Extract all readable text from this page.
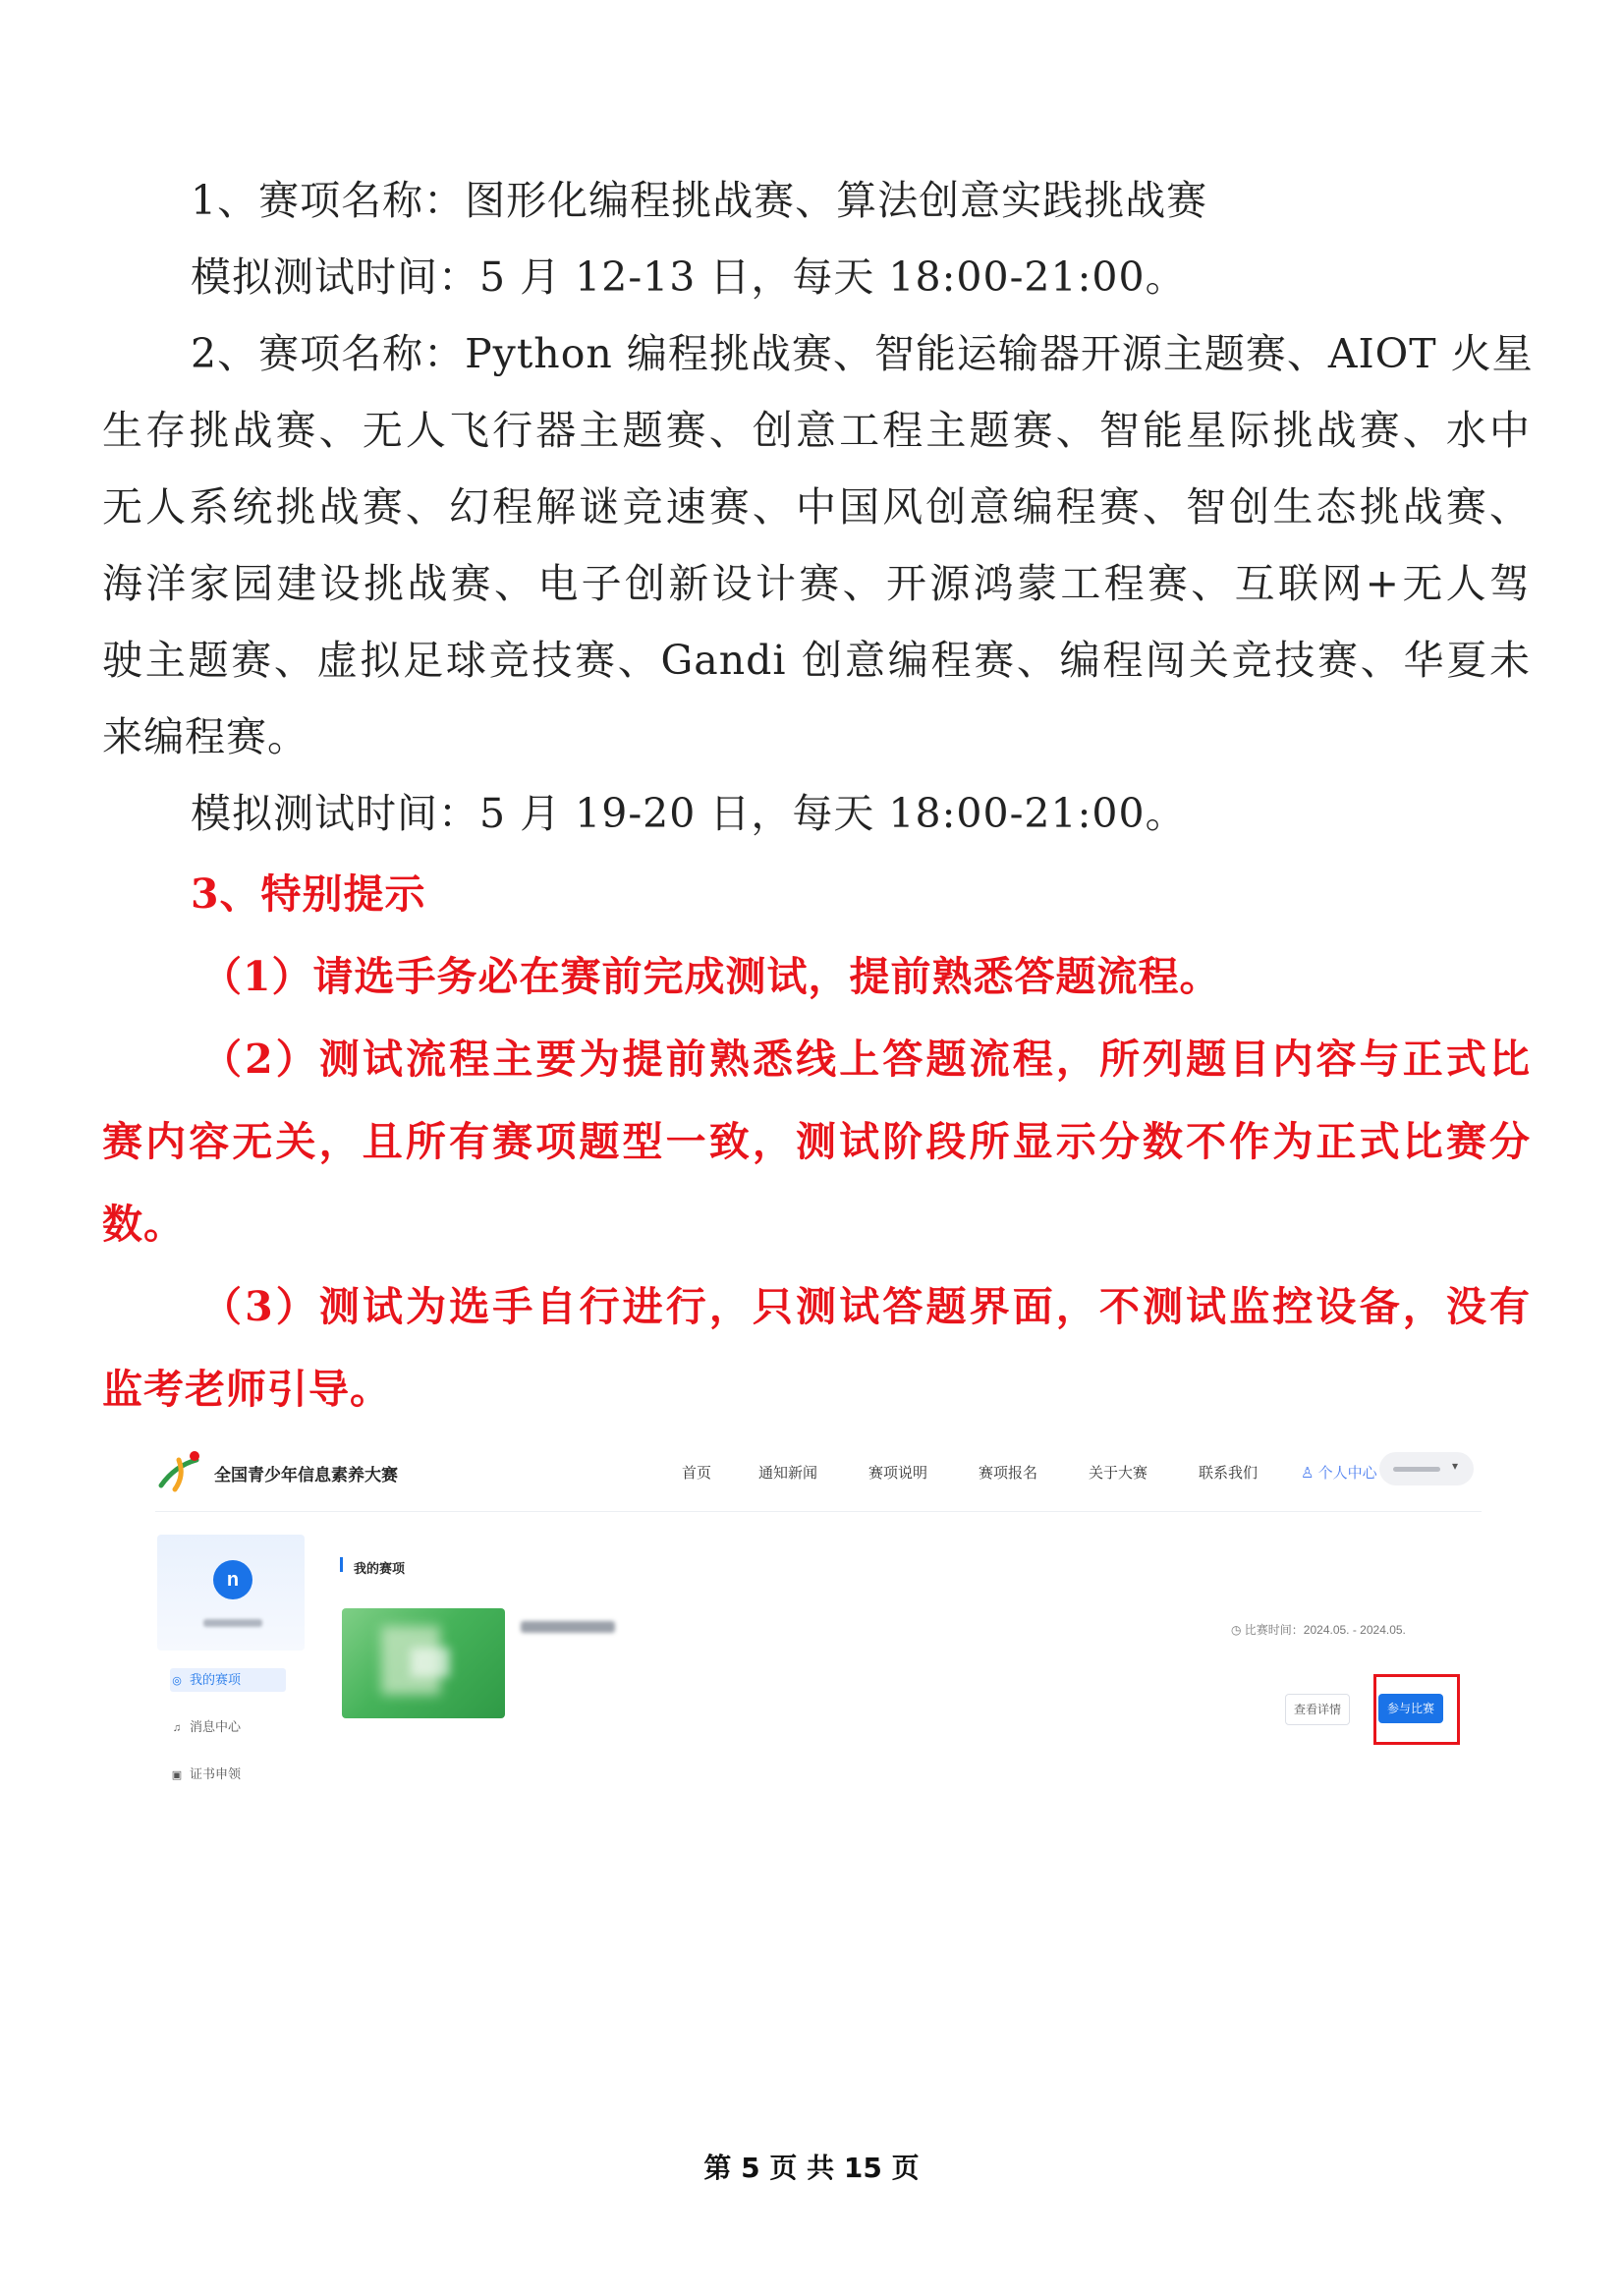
1、赛项名称：图形化编程挑战赛、算法创意实践挑战赛
模拟测试时间：5 月 12-13 日，每天 18:00-21:00。
2、赛项名称：Python 编程挑战赛、智能运输器开源主题赛、AIOT 火星
生存挑战赛、无人飞行器主题赛、创意工程主题赛、智能星际挑战赛、水中
无人系统挑战赛、幻程解谜竞速赛、中国风创意编程赛、智创生态挑战赛、
海洋家园建设挑战赛、电子创新设计赛、开源鸿蒙工程赛、互联网+无人驾
驶主题赛、虚拟足球竞技赛、Gandi 创意编程赛、编程闯关竞技赛、华夏未
来编程赛。
模拟测试时间：5 月 19-20 日，每天 18:00-21:00。
3、特别提示
（1）请选手务必在赛前完成测试，提前熟悉答题流程。
（2）测试流程主要为提前熟悉线上答题流程，所列题目内容与正式比
赛内容无关，且所有赛项题型一致，测试阶段所显示分数不作为正式比赛分
数。
（3）测试为选手自行进行，只测试答题界面，不测试监控设备，没有
监考老师引导。
全国青少年信息素养大赛	首页	通知新闻	赛项说明	赛项报名	关于大赛	联系我们	♙ 个人中心	▾
n
◎ 我的赛项
♫ 消息中心
▣ 证书申领
我的赛项
◷ 比赛时间：2024.05. - 2024.05.
查看详情	参与比赛
第 5 页 共 15 页
